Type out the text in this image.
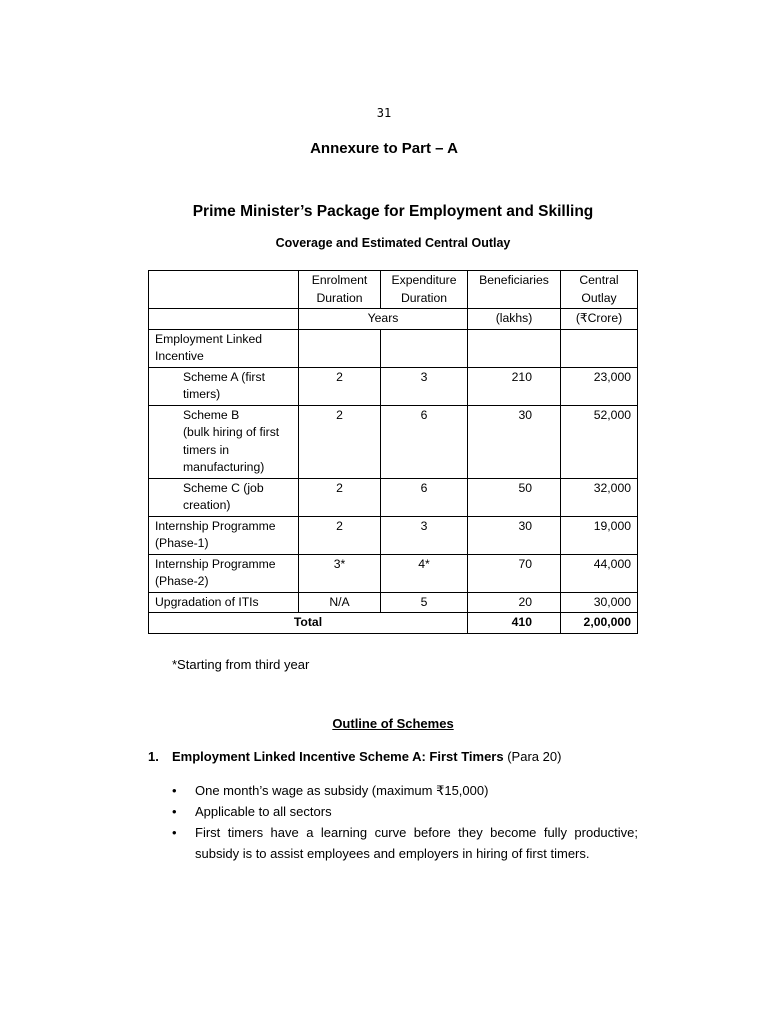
31
Annexure to Part – A
Prime Minister’s Package for Employment and Skilling
Coverage and Estimated Central Outlay
	Enrolment Duration	Expenditure Duration	Beneficiaries	Central Outlay
	Years		(lakhs)	(₹Crore)
Employment Linked Incentive				
Scheme A (first timers)	2	3	210	23,000

Scheme B
(bulk hiring of first timers in manufacturing)	2	6	30	52,000
Scheme C (job creation)	2	6	50	32,000
Internship Programme (Phase-1)	2	3	30	19,000
Internship Programme (Phase-2)	3*	4*	70	44,000
Upgradation of ITIs	N/A	5	20	30,000
Total			410	2,00,000
*Starting from third year
Outline of Schemes
1. Employment Linked Incentive Scheme A: First Timers (Para 20)
• One month’s wage as subsidy (maximum ₹15,000)
• Applicable to all sectors
• First timers have a learning curve before they become fully productive; subsidy is to assist employees and employers in hiring of first timers.
